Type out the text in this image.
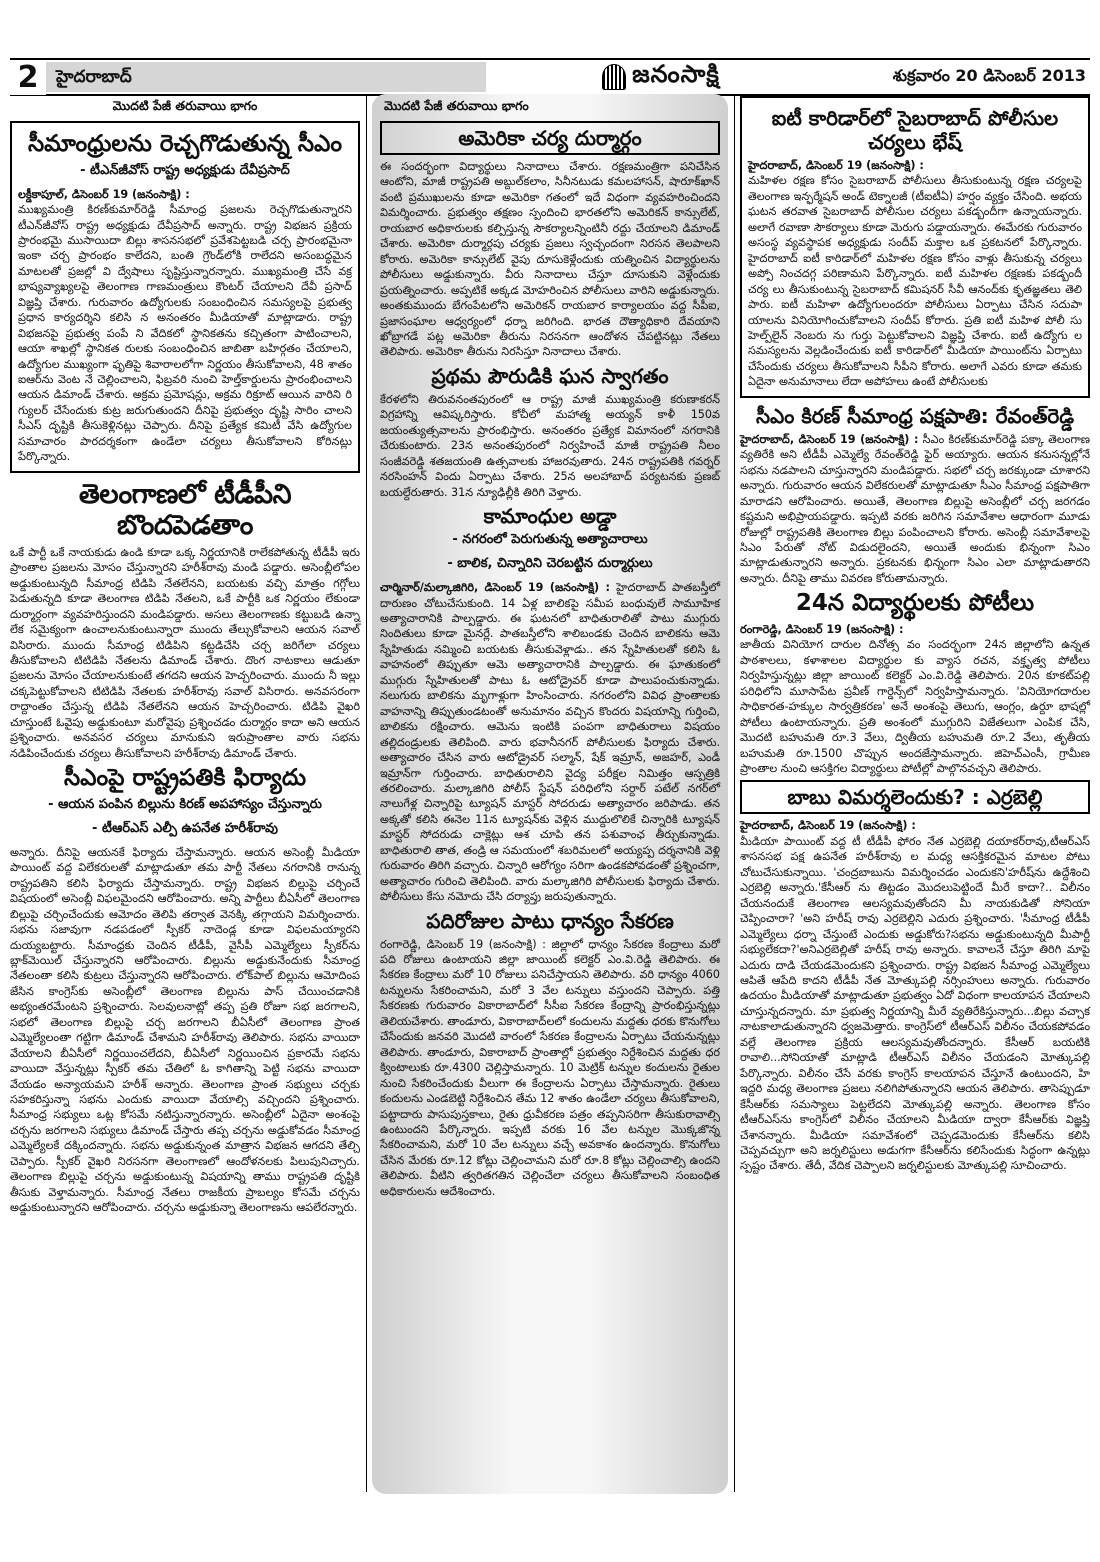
2	హైదరాబాద్	జనంసాక్షి	శుక్రవారం 20 డిసెంబర్ 2013
మొదటి పేజీ తరువాయి భాగం
సీమాంధ్రులను రెచ్చగొడుతున్న సీఎం
- టీఎన్‌జీవోస్ రాష్ట్ర అధ్యక్షుడు దేవీప్రసాద్

లక్డీకాపూల్, డిసెంబర్ 19 (జనంసాక్షి) :
ముఖ్యమంత్రి కిరణ్‌కుమార్‌రెడ్డి సీమాంధ్ర ప్రజలను రెచ్చగొడుతున్నారని టీఎన్‌జీవోస్ రాష్ట్ర అధ్యక్షుడు దేవీప్రసాద్ అన్నారు. రాష్ట్ర విభజన ప్రక్రియ ప్రారంభమై ముసాయిదా బిల్లు శాసనసభలో ప్రవేశపెట్టబడి చర్చ ప్రారంభమైనా ఇంకా చర్చ ప్రారంభం కాలేదని, బంతి గ్రౌండ్‌లోకి రాలేదని అసంబద్ధమైన మాటలతో ప్రజల్లో వి ద్వేషాలు సృష్టిస్తున్నారన్నారు. ముఖ్యమంత్రి చేసే వక్ర భాష్యవ్యాఖ్యలపై తెలంగాణ గాణమంత్రులు కౌంటర్ చేయాలని దేవీ ప్రసాద్ విజ్ఞప్తి చేశారు. గురువారం ఉద్యోగులకు సంబంధించిన సమస్యలపై ప్రభుత్వ ప్రధాన కార్యదర్శిని కలిసి న అనంతరం మీడియాతో మాట్లాడారు. రాష్ట్ర విభజనపై ప్రభుత్వ పంపే ని వేదికలో స్థానికతను కచ్చితంగా పాటించాలని, ఆయా శాఖల్లో స్థానికత రులకు సంబంధించిన జాబితా బహిర్గతం చేయాలని, ఉద్యోగుల ముఖ్యంగా ఫృతిపై శివారాలలోగా నిర్ణయం తీసుకోవాలని, 48 శాతం ఐఆర్‌ను వెంట నే చెల్లించాలని, ఫిబ్రవరి నుంచి హెల్త్‌కార్డులను ప్రారంభించాలని ఆయన డిమాండ్ చేశారు. అక్రమ ప్రమోషన్లు, అక్రమ రిక్రూట్ ఆయిన వారిని రి గ్యులర్ చేసేందుకు కుట్ర జరుగుతుందని దీనిపై ప్రభుత్వం దృష్టి సారిం చాలని సీఎస్ దృష్టికి తీసుకెళ్లినట్లు చెప్పారు. దీనిపై ప్రత్యేక కమిటీ వేసి ఉద్యోగుల సమాచారం పారదర్శకంగా ఉండేలా చర్యలు తీసుకోవాలని కోరినట్లు పేర్కొన్నారు.

తెలంగాణలో టీడీపీని బొందపెడతాం

ఒకే పార్టీ ఒకే నాయకుడు ఉండి కూడా ఒక్క నిర్ణయానికి రాలేకపోతున్న టీడీపీ ఇరు ప్రాంతాల ప్రజలను మోసం చేస్తున్నారని హరీశ్‌రావు మండి పడ్డారు. అసెంబ్లీలోపల అడ్డుకుంటున్నది సీమాంధ్ర టిడిపి నేతలేనని, బయటకు వచ్చి మాత్రం గగ్గోలు పెడుతున్నది కూడా తెలంగాణ టిడిపి నేతలని, ఒకే పార్టీకి ఒక నిర్ణయం లేకుండా దుర్మార్గంగా వ్యవహరిస్తుందని మండిపడ్డారు. అసలు తెలంగాణకు కట్టుబడి ఉన్నా లేక సమైక్యంగా ఉంచాలనుకుంటున్నారా ముందు తేల్చుకోవాలని ఆయన సవాల్ విసిరారు. ముందు సీమాంధ్ర టిడిపిని కట్టడిచేసి చర్చ జరిగేలా చర్యలు తీసుకోవాలని టిటిడిపి నేతలను డిమాండ్ చేశారు. దొంగ నాటకాలు ఆడుతూ ప్రజలను మోసం చేయాలనుకుంటే తగదని ఆయన హెచ్చరించారు. ముందు నీ ఇల్లు చక్కపెట్టుకోవాలని టిటిడిపి నేతలకు హరీశ్‌రావు సవాల్ విసిరారు. అనవసరంగా రాద్దాంతం చేస్తున్న టిడిపి నేతలేనని ఆయన హెచ్చరించారు. టిడిపి వైఖరి చూస్తుంటే ఓవైపు అడ్డుకుంటూ మరోవైపు ప్రశ్నించడం దుర్మార్గం కాదా అని ఆయన ప్రశ్నించారు. అనవసర చర్యలు మానుకుని ఇరుప్రాంతాల వారు సభను నడిపించేందుకు చర్యలు తీసుకోవాలని హరీశ్‌రావు డిమాండ్ చేశారు.

సీఎంపై రాష్ట్రపతికి ఫిర్యాదు
- ఆయన పంపిన బిల్లును కిరణ్ అపహాస్యం చేస్తున్నారు
- టీఆర్ఎస్ ఎల్పీ ఉపనేత హరీశ్‌రావు

అన్నారు. దీనిపై ఆయనకే ఫిర్యాదు చేస్తామన్నారు. ఆయన అసెంబ్లీ మీడియా పాయింట్ వద్ద విలేకరులతో మాట్లాడుతూ తమ పార్టీ నేతలు నగరానికి రానున్న రాష్ట్రపతిని కలిసి ఫిర్యాదు చేస్తామన్నారు. రాష్ట్ర విభజన బిల్లుపై చర్చించే విషయంలో అసెంబ్లీ విఫలమైందని ఆరోపించారు. అన్ని పార్టీలు బీఏసీలో తెలంగాణ బిల్లుపై చర్చించేందుకు ఆమోదం తెలిపి తర్వాత వెనక్కి తగ్గాయని విమర్శించారు. సభను సజావుగా నడపడంలో స్పీకర్ నాదెండ్ల కూడా విఫలమయ్యారని దుయ్యబట్టారు. సీమాంధ్రకు చెందిన టీడీపీ, వైసీపీ ఎమ్మెల్యేలు స్పీకర్‌ను బ్లాక్‌మెయిల్ చేస్తున్నారని ఆరోపించారు. బిల్లును అడ్డుకునేందుకు సీమాంధ్ర నేతలంతా కలిసి కుట్రలు చేస్తున్నారని ఆరోపించారు. లోక్‌పాల్ బిల్లును ఆమోదింప జేసిన కాంగ్రెస్‌కు అసెంబ్లీలో తెలంగాణ బిల్లును పాస్ చేయించడానికి అభ్యంతరమేంటని ప్రశ్నించారు. సెలవులనాట్లో తప్ప ప్రతి రోజూ సభ జరగాలని, సభలో తెలంగాణ బిల్లుపై చర్చ జరగాలని బీఏసీలో తెలంగాణ ప్రాంత ఎమ్మెల్యేలంతా గట్టిగా డిమాండ్ చేశామని హరీశ్‌రావు తెలిపారు. సభను వాయిదా వేయాలని బీఏసీలో నిర్ణయించలేదని, బీఏసీలో నిర్ణయించిన ప్రకారమే సభను వాయిదా వేస్తున్నట్లు స్పీకర్ తమ చేతిలో ఓ కాగితాన్ని పెట్టి సభను వాయిదా వేయడం అన్యాయమని హరీశ్ అన్నారు. తెలంగాణ ప్రాంత సభ్యులు చర్చకు సహకరిస్తున్నా సభను ఎందుకు వాయిదా వేయాల్సి వచ్చిందని ప్రశ్నించారు. సీమాంధ్ర సభ్యులు ఒట్ల కోసమే నటిస్తున్నారన్నారు. అసెంబ్లీలో ఏదైనా అంశంపై చర్చను జరగాలని సభ్యులు డిమాండ్ చేస్తారు తప్ప చర్చను అడ్డుకోవడం సీమాంధ్ర ఎమ్మెల్యేలకే దక్కిందన్నారు. సభను అడ్డుకున్నంత మాత్రాన విభజన ఆగదని తేల్చి చెప్పారు. స్పీకర్ వైఖరి నిరసనగా తెలంగాణలో ఆందోళనలకు పిలుపునిచ్చారు. తెలంగాణ బిల్లుపై చర్చను అడ్డుకుంటున్న విషయాన్ని తాము రాష్ట్రపతి దృష్టికి తీసుకు వెళ్తామన్నారు. సీమాంధ్ర నేతలు రాజకీయ ప్రాబల్యం కోసమే చర్చను అడ్డుకుంటున్నారని ఆరోపించారు. చర్చను అడ్డుకున్నా తెలంగాణను ఆపలేరన్నారు.

మొదటి పేజీ తరువాయి భాగం
అమెరికా చర్య దుర్మార్గం

ఈ సందర్భంగా విద్యార్థులు నినాదాలు చేశారు. రక్షణమంత్రిగా పనిచేసిన ఆంటోని, మాజీ రాష్ట్రపతి అబ్దుల్‌కలాం, సినీనటుడు కమలహాసన్, షారూక్‌ఖాన్ వంటి ప్రముఖులను కూడా అమెరికా గతంలో ఇదే విధంగా వ్యవహరించిందని విమర్శించారు. ప్రభుత్వం తక్షణం స్పందించి భారతలోని అమెరికన్ కాన్సులేట్, రాయబార అధికారులకు కల్పిస్తున్న సౌకర్యాలన్నింటినీ రద్దు చేయాలని డిమాండ్ చేశారు. అమెరికా దుర్మార్గపు చర్యకు ప్రజలు స్వచ్ఛందంగా నిరసన తెలపాలని కోరారు. అమెరికా కాన్సులేట్ వైపు దూసుకెళ్లేందుకు యత్నించిన విద్యార్థులను పోలీసులు అడ్డుకున్నారు. వీరు నినాదాలు చేస్తూ దూసుకుని వెళ్లేందుకు ప్రయత్నించారు. అప్పటికే అక్కడ మోహరించిన పోలీసులు వారిని అడ్డుకున్నారు. అంతకుముందు బేగంపేటలోని అమెరికన్ రాయబార కార్యాలయం వద్ద సీపీఐ, ప్రజాసంఘాల ఆధ్వర్యంలో ధర్నా జరిగింది. భారత దౌత్యాధికారి దేవయాని ఖోబ్రాగడే పట్ల అమెరికా తీరును నిరసనగా ఆందోళన చేపట్టినట్లు నేతలు తెలిపారు. అమెరికా తీరును నిరసిస్తూ నినాదాలు చేశారు.

ప్రథమ పౌరుడికి ఘన స్వాగతం

కేరళలోని తిరువనంతపురంలో ఆ రాష్ట్ర మాజీ ముఖ్యమంత్రి కరుణాకరన్ విగ్రహాన్ని ఆవిష్కరిస్తారు. కోచీలో మహాత్మ అయ్యన్ కాళీ 150వ జయంత్యుత్సవాలను ప్రారంభిస్తారు. అనంతరం ప్రత్యేక విమానంలో నగరానికి చేరుకుంటారు. 23న అనంతపురంలో నిర్వహించే మాజీ రాష్ట్రపతి నీలం సంజీవరెడ్డి శతజయంతి ఉత్సవాలకు హాజరవుతారు. 24న రాష్ట్రపతికి గవర్నర్ నరసింహన్ విందు ఏర్పాటు చేశారు. 25న అలహాబాద్ పర్యటనకు ప్రణబ్ బయల్దేరుతారు. 31న న్యూఢిల్లీకి తిరిగి వెళ్తారు.

కామాంధుల అడ్డా
- నగరంలో పెరుగుతున్న అత్యాచారాలు
- బాలిక, చిన్నారిని చెరబట్టిన దుర్మార్గులు

చార్మినార్/మల్కాజిగిరి, డిసెంబర్ 19 (జనంసాక్షి) : హైదరాబాద్ పాతబస్తీలో దారుణం చోటుచేసుకుంది. 14 ఏళ్ల బాలికపై సమీప బంధువులే సామూహిక అత్యాచారానికి పాల్పడ్డారు. ఈ ఘటనలో బాధితురాలితో పాటు ముగ్గురు నిందితులు కూడా మైనర్లే. పాతబస్తీలోని శాలిబండకు చెందిన బాలికను ఆమె స్నేహితుడు నమ్మించి బయటకు తీసుకువెళ్లాడు.. తన స్నేహితులతో కలిసి ఓ వాహనంలో తిప్పుతూ ఆమె అత్యాచారానికి పాల్పడ్డారు. ఈ ఘాతుకంలో ముగ్గురు స్నేహితులతో పాటు ఓ ఆటోడ్రైవర్ కూడా పాలుపంచుకున్నాడు. నలుగురు బాలికను మృగాళ్లుగా హింసించారు. నగరంలోని వివిధ ప్రాంతాలకు వాహనాన్ని తిప్పుతుండటంతో అనుమానం వచ్చిన కొందరు విషయాన్ని గుర్తించి, బాలికను రక్షించారు. ఆమెను ఇంటికి పంపగా బాధితురాలు విషయం తల్లిదండ్రులకు తెలిపింది. వారు భవానీనగర్ పోలీసులకు ఫిర్యాదు చేశారు. అత్యాచారం చేసిన వారు ఆటోడ్రైవర్ సల్మాన్, షేక్ ఇమ్రాన్, అజహర్, ఎండీ ఇమ్రాన్‌గా గుర్తించారు. బాధితురాలిని వైద్య పరీక్షల నిమిత్తం ఆస్పత్రికి తరలించారు. మల్కాజిగిరి పోలీస్ స్టేషన్ పరిధిలోని సర్దార్ పటేల్ నగర్‌లో నాలుగేళ్ల చిన్నారిపై ట్యూషన్ మాస్టర్ సోదరుడు అత్యాచారం జరిపాడు. తన అక్కతో కలిసి ఈనెల 11న ట్యూషన్‌కు వెళ్లిన ముద్దులొలికే చిన్నారికి ట్యూషన్ మాస్టర్ సోదరుడు చాక్లెట్లు ఆశ చూపి తన పశువాంఛ తీర్చుకున్నాడు. బాధితురాలి తాత, తండ్రి ఆ సమయంలో శబరిమలలో అయ్యప్ప దర్శనానికి వెళ్లి గురువారం తిరిగి వచ్చారు. చిన్నారి ఆరోగ్యం సరిగా ఉండకపోవడంతో ప్రశ్నించగా, అత్యాచారం గురించి తెలిపింది. వారు మల్కాజిగిరి పోలీసులకు ఫిర్యాదు చేశారు. పోలీసులు కేసు నమోదు చేసి దర్యాప్తు జరుపుతున్నారు.

పదిరోజుల పాటు ధాన్యం సేకరణ

రంగారెడ్డి, డిసెంబర్ 19 (జనంసాక్షి) : జిల్లాలో ధాన్యం సేకరణ కేంద్రాలు మరో పది రోజులు ఉంటాయని జిల్లా జాయింట్ కలెక్టర్ ఎం.వి.రెడ్డి తెలిపారు. ఈ సేకరణ కేంద్రాలు మరో 10 రోజులు పనిచేస్తాయని తెలిపారు. వరి ధాన్యం 4060 టన్నులను సేకరించామని, మరో 3 వేల టన్నులు వస్తుందని చెప్పారు. పత్తి సేకరణకు గురువారం వికారాబాద్‌లో సీసీఐ సేకరణ కేంద్రాన్ని ప్రారంభిస్తున్నట్లు తెలియచేశారు. తాండూరు, వికారాబాద్‌లలో కందులను మద్దతు ధరకు కొనుగోలు చేసేందుకు జనవరి మొదటి వారంలో సేకరణ కేంద్రాలను ఏర్పాటు చేయనున్నట్లు తెలిపారు. తాండూరు, వికారాబాద్ ప్రాంతాల్లో ప్రభుత్వం నిర్దేశించిన మద్దతు ధర క్వింటాలుకు రూ.4300 చెల్లిస్తామన్నారు. 10 మెట్రిక్ టన్నుల కందులను రైతుల నుంచి సేకరించేందుకు వీలుగా ఈ కేంద్రాలను ఏర్పాటు చేస్తామన్నారు. రైతులు కందులను ఎండబెట్టి నిర్దేశించిన తేమ 12 శాతం ఉండేలా చర్యలు తీసుకోవాలని, పట్టాదారు పాసుపుస్తకాలు, రైతు ధ్రువీకరణ పత్రం తప్పనిసరిగా తీసుకురావాల్సి ఉంటుందని పేర్కొన్నారు. ఇప్పటి వరకు 16 వేల టన్నుల మొక్కజొన్న సేకరించామని, మరో 10 వేల టన్నులు వచ్చే అవకాశం ఉందన్నారు. కొనుగోలు చేసిన మేరకు రూ.12 కోట్లు చెల్లించామని మరో రూ.8 కోట్లు చెల్లించాల్సి ఉందని తెలిపారు. వీటిని త్వరితగతిన చెల్లించేలా చర్యలు తీసుకోవాలని సంబంధిత అధికారులను ఆదేశించారు.

ఐటీ కారిడార్‌లో సైబరాబాద్ పోలీసుల చర్యలు భేష్

హైదరాబాద్, డిసెంబర్ 19 (జనంసాక్షి) :
మహిళల రక్షణ కోసం సైబరాబాద్ పోలీసులు తీసుకుంటున్న రక్షణ చర్యలపై తెలంగాణ ఇన్ఫర్మేషన్ అండ్ టెక్నాలజీ (టీఐటీఏ) హర్షం వ్యక్తం చేసింది. అభయ ఘటన తరవాత సైబరాబాద్ పోలీసుల చర్యలు పకడ్బందీగా ఉన్నాయన్నారు. అలాగే రవాణా సౌకర్యాలు కూడా మెరుగు పడ్డాయన్నారు. ఈమేరకు గురువారం అసంస్థ వ్యవస్థాపక అధ్యక్షుడు సందీప్ మక్తాల ఒక ప్రకటనలో పేర్కొన్నారు. హైదరాబాద్ ఐటీ కారిడార్‌లో మహిళల రక్షణ కోసం వాళ్లు తీసుకున్న చర్యలు అప్పో నించదగ్గ పరిణామని పేర్కొన్నారు. ఐటీ మహిళల రక్షణకు పకడ్బందీ చర్య లు తీసుకుంటున్న సైబరాబాద్ కమిషనర్ సీవీ ఆనంద్‌కు కృతజ్ఞతలు తెలి పారు. ఐటీ మహిళా ఉద్యోగులందరూ పోలీసులు ఏర్పాటు చేసిన సదుపా యాలను వినియోగించుకోవాలని సందీప్ కోరారు. ప్రతి ఐటీ మహిళ పోలీ సు హెల్ప్‌లైన్ నెంబరు ను గుర్తు పెట్టుకోవాలని విజ్ఞప్తి చేశారు. ఐటీ ఉద్యోగు ల సమస్యలను వెల్లడించేందుకు ఐటీ కారిడార్‌లో మీడియా పాయింట్‌ను ఏర్పాటు చేసేందుకు చర్యలు తీసుకోవాలని సీపీని కోరారు. అలాగే ఎవరు కూడా తమకు ఏదైనా అనుమానాలు లేదా అపోహలు ఉంటే పోలీసులకు

సీఎం కిరణ్ సీమాంధ్ర పక్షపాతి: రేవంత్‌రెడ్డి

హైదరాబాద్, డిసెంబర్ 19 (జనంసాక్షి) : సీఎం కిరణ్‌కుమార్‌రెడ్డి పక్కా తెలంగాణ వ్యతిరేకి అని టీడీపీ ఎమ్మెల్యే రేవంత్‌రెడ్డి ఫైర్ అయ్యారు. ఆయన కనుసన్నల్లోనే సభను నడపాలని చూస్తున్నారని మండిపడ్డారు. సభలో చర్చ జరక్కుండా చూశారని అన్నారు. గురువారం ఆయన విలేకరులతో మాట్లాడుతూ సీఎం సీమాంధ్ర పక్షపాతిగా మారాడని ఆరోపించారు. అయితే, తెలంగాణ బిల్లుపై అసెంబ్లీలో చర్చ జరగడం కష్టమని అభిప్రాయపడ్డారు. ఇప్పటి వరకు జరిగిన సమావేశాల ఆధారంగా మూడు రోజుల్లో రాష్ట్రపతికి తెలంగాణ బిల్లు పంపించాలని కోరారు. అసెంబ్లీ సమావేశాలపై సిఎం పేరుతో నోట్ విడుదలైందని, అయితే అందుకు భిన్నంగా సిఎం మాట్లాడుతున్నారని అన్నారు. ప్రకటనకు భిన్నంగా సిఎం ఎలా మాట్లాడుతారని అన్నారు. దీనిపై తాము వివరణ కోరుతామన్నారు.

24న విద్యార్థులకు పోటీలు

రంగారెడ్డి, డిసెంబర్ 19 (జనంసాక్షి) :
జాతీయ వినియోగ దారుల దినోత్స వం సందర్భంగా 24న జిల్లాలోని ఉన్నత పాఠశాలలు, కళాశాలల విద్యార్థుల కు వ్యాస రచన, వక్తృత్వ పోటీలు నిర్వహిస్తున్నట్లు జిల్లా జాయింట్ కలెక్టర్ ఎం.వి.రెడ్డి తెలిపారు. 20న కూకట్‌పల్లి పరిధిలోని మూసాపేట ప్రవీణ్ గార్డెన్స్‌లో నిర్వహిస్తామన్నారు. 'వినియోగదారుల సాధికారత-హక్కుల సార్వత్రికరణ' అనే అంశంపై తెలుగు, ఆంగ్లం, ఉర్దూ భాషల్లో పోటీలు ఉంటాయన్నారు. ప్రతి అంశంలో ముగ్గురిని విజేతలుగా ఎంపిక చేసి, మొదటి బహుమతి రూ.3 వేలు, ద్వితీయ బహుమతి రూ.2 వేలు, తృతీయ బహుమతి రూ.1500 చొప్పున అందజేస్తామన్నారు. జిహెచ్ఎంసీ, గ్రామీణ ప్రాంతాల నుంచి ఆసక్తిగల విద్యార్థులు పోటీల్లో పాల్గొనవచ్చని తెలిపారు.

బాబు విమర్శలెందుకు? : ఎర్రబెల్లి

హైదరాబాద్, డిసెంబర్ 19 (జనంసాక్షి) :
మీడియా పాయింట్ వద్ద టీ టీడీపీ ఫోరం నేత ఎర్రబెల్లి దయాకర్‌రావు,టీఆర్ఎస్ శాసనసభ పక్ష ఉపనేత హరీశ్‌రావు ల మధ్య ఆసక్తికరమైన మాటల పోటు చోటుచేసుకున్నాయి. 'చంద్రబాబును విమర్శించడం ఎందుకని'హరీష్‌ను ఉద్దేశించి ఎర్రబెల్లి అన్నారు.'కేసీఆర్ ను తిట్టడం మొదలుపెట్టిందే మీరే కాదా?.. విలీనం చేయనందుకే తెలంగాణ ఆలస్యమవుతోందని మీ నాయకుడితో సోనియా చెప్పించారా? 'అని హరీష్ రావు ఎర్రబెల్లిని ఎదురు ప్రశ్నించారు. 'సీమాంధ్ర టీడీపీ ఎమ్మెల్యేలు ధర్నా చేస్తుంటే ఎందుకు అడ్డుకోరు?సభను అడ్డుకుంటున్నది మీపార్టీ సభ్యులేకదా?'అనిఎర్రబెల్లితో హరీష్ రావు అన్నారు. కావాలనే చేస్తూ తిరిగి మాపై ఎదురు దాడి చేయడమెందుకని ప్రశ్నించారు. రాష్ట్ర విభజన సీమాంధ్ర ఎమ్మెల్యేలు ఆపితే ఆపేది కాదని టీడీపీ నేత మోత్కుపల్లి నర్సింహులు అన్నారు. గురువారం ఉదయం మీడియాతో మాట్లాడుతూ ప్రభుత్వం ఏదో విధంగా కాలయాపన చేయాలని చూస్తున్నదన్నారు. మా ప్రభుత్వ నిర్ణయాన్ని మీరే వ్యతిరేకిస్తున్నారు...బిల్లు వచ్చాక నాటకాలాడుతున్నారని ధ్వజమెత్తారు. కాంగ్రెస్‌లో టీఆర్ఎస్ విలీనం చేయకపోవడం వల్లే తెలంగాణ ప్రక్రియ ఆలస్యమవుతోందన్నారు. కేసీఆర్ బయటికి రావాలి...సోనియాతో మాట్లాడి టీఆర్ఎస్ విలీనం చేయడంని మోత్కుపల్లి పేర్కొన్నారు. విలీనం చేసే వరకు కాంగ్రెస్ కాలయాపన చేస్తూనే ఉంటుందని, హి ఇద్దరి మధ్య తెలంగాణ ప్రజలు నలిగిపోతున్నారని ఆయన తెలిపారు. తాసెప్పుడూ కేసీఆర్‌కు సమస్యాలు పెట్టలేదని మోత్కుపల్లి అన్నారు. తెలంగాణ కోసం టీఆర్ఎస్‌ను కాంగ్రెస్‌లో విలీనం చేయాలని మీడియా ద్వారా కేసీఆర్‌కు విజ్ఞప్తి చేశానన్నారు. మీడియా సమావేశంలో చెప్పడమెందుకు కేసీఆర్‌ను కలిసి చెప్పవచ్చుగా అని జర్నలిస్టులు అడుగగా కేసీఆర్‌ను కలిసేందుకు సిద్ధంగా ఉన్నట్లు స్పష్టం చేశారు. తేదీ, వేదిక చెప్పాలని జర్నలిస్టులకు మోత్కుపల్లి సూచించారు.
